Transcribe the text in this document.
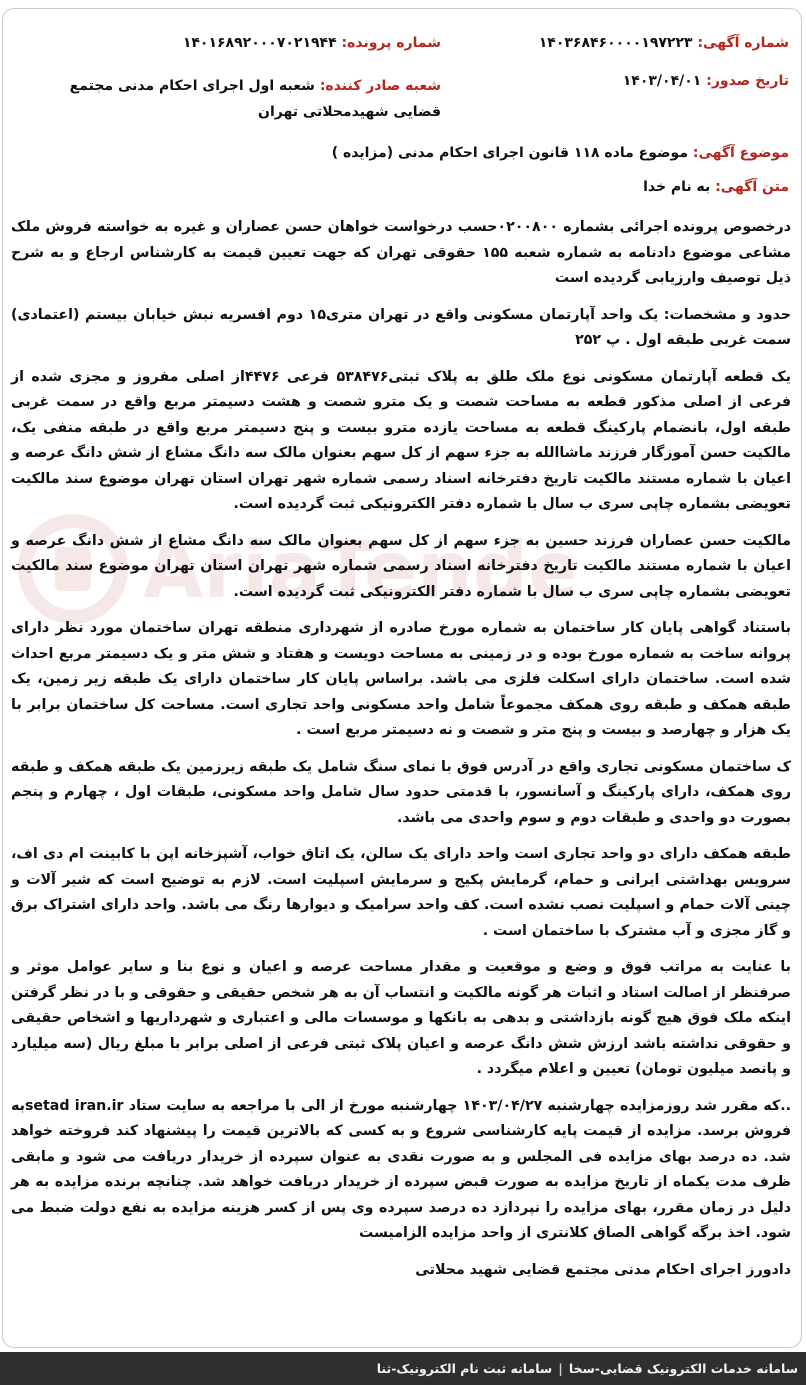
AriaTend
شماره آگهی: ۱۴۰۳۶۸۴۶۰۰۰۰۱۹۷۲۲۳
شماره پرونده: ۱۴۰۱۶۸۹۲۰۰۰۷۰۲۱۹۴۴
تاریخ صدور: ۱۴۰۳/۰۴/۰۱
شعبه صادر کننده: شعبه اول اجرای احکام مدنی مجتمع قضایی شهیدمحلاتی تهران
موضوع آگهی: موضوع ماده ۱۱۸ قانون اجرای احکام مدنی (مزایده )
متن آگهی: به نام خدا

درخصوص پرونده اجرائی بشماره ۰۲۰۰۸۰۰حسب درخواست خواهان حسن عصاران و غیره به خواسته فروش ملک مشاعی موضوع دادنامه به شماره شعبه ۱۵۵ حقوقی تهران که جهت تعیین قیمت به کارشناس ارجاع و به شرح ذیل توصیف وارزیابی گردیده است

حدود و مشخصات: یک واحد آپارتمان مسکونی واقع در تهران متری۱۵ دوم افسریه نبش خیابان بیستم (اعتمادی) سمت غربی طبقه اول . پ ۲۵۲

یک قطعه آپارتمان مسکونی نوع ملک طلق به پلاک ثبتی۵۳۸۴۷۶ فرعی ۴۴۷۶از اصلی مفروز و مجزی شده از فرعی از اصلی مذکور قطعه به مساحت شصت و یک مترو شصت و هشت دسیمتر مربع واقع در سمت غربی طبقه اول، بانضمام پارکینگ قطعه به مساحت یازده مترو بیست و پنج دسیمتر مربع واقع در طبقه منفی یک، مالکیت حسن آموزگار فرزند ماشاالله به جزء سهم از کل سهم بعنوان مالک سه دانگ مشاع از شش دانگ عرصه و اعیان با شماره مستند مالکیت تاریخ دفترخانه اسناد رسمی شماره شهر تهران استان تهران موضوع سند مالکیت تعویضی بشماره چاپی سری ب سال با شماره دفتر الکترونیکی ثبت گردیده است.

مالکیت حسن عصاران فرزند حسین به جزء سهم از کل سهم بعنوان مالک سه دانگ مشاع از شش دانگ عرصه و اعیان با شماره مستند مالکیت تاریخ دفترخانه اسناد رسمی شماره شهر تهران استان تهران موضوع سند مالکیت تعویضی بشماره چاپی سری ب سال با شماره دفتر الکترونیکی ثبت گردیده است.

باستناد گواهی پایان کار ساختمان به شماره مورخ صادره از شهرداری منطقه تهران ساختمان مورد نظر دارای پروانه ساخت به شماره مورخ بوده و در زمینی به مساحت دویست و هفتاد و شش متر و یک دسیمتر مربع احداث شده است. ساختمان دارای اسکلت فلزی می باشد. براساس پایان کار ساختمان دارای یک طبقه زیر زمین، یک طبقه همکف و طبقه روی همکف مجموعاً شامل واحد مسکونی واحد تجاری است. مساحت کل ساختمان برابر با یک هزار و چهارصد و بیست و پنج متر و شصت و نه دسیمتر مربع است .

ک ساختمان مسکونی تجاری واقع در آدرس فوق با نمای سنگ شامل یک طبقه زیرزمین یک طبقه همکف و طبقه روی همکف، دارای پارکینگ و آسانسور، با قدمتی حدود سال شامل واحد مسکونی، طبقات اول ، چهارم و پنجم بصورت دو واحدی و طبقات دوم و سوم واحدی می باشد.

طبقه همکف دارای دو واحد تجاری است واحد دارای یک سالن، یک اتاق خواب، آشپزخانه اپن با کابینت ام دی اف، سرویس بهداشتی ایرانی و حمام، گرمایش پکیج و سرمایش اسپلیت است. لازم به توضیح است که شیر آلات و چینی آلات حمام و اسپلیت نصب نشده است. کف واحد سرامیک و دیوارها رنگ می باشد. واحد دارای اشتراک برق و گاز مجزی و آب مشترک با ساختمان است .

با عنایت به مراتب فوق و وضع و موقعیت و مقدار مساحت عرصه و اعیان و نوع بنا و سایر عوامل موثر و صرفنظر از اصالت استاد و اثبات هر گونه مالکیت و انتساب آن به هر شخص حقیقی و حقوقی و با در نظر گرفتن اینکه ملک فوق هیچ گونه بازداشتی و بدهی به بانکها و موسسات مالی و اعتباری و شهرداریها و اشخاص حقیقی و حقوقی نداشته باشد ارزش شش دانگ عرصه و اعیان پلاک ثبتی فرعی از اصلی برابر با مبلغ ریال (سه میلیارد و پانصد میلیون تومان) تعیین و اعلام میگردد .

..که مقرر شد روزمزایده چهارشنبه ۱۴۰۳/۰۴/۲۷ چهارشنبه مورخ از الی با مراجعه به سایت ستاد setad iran.irبه فروش برسد. مزایده از قیمت پایه کارشناسی شروع و به کسی که بالاترین قیمت را پیشنهاد کند فروخته خواهد شد. ده درصد بهای مزایده فی المجلس و به صورت نقدی به عنوان سپرده از خریدار دریافت می شود و مابقی ظرف مدت یکماه از تاریخ مزایده به صورت قبض سپرده از خریدار دریافت خواهد شد. چنانچه برنده مزایده به هر دلیل در زمان مقرر، بهای مزایده را نپردازد ده درصد سپرده وی پس از کسر هزینه مزایده به نفع دولت ضبط می شود. اخذ برگه گواهی الصاق کلانتری از واحد مزایده الزامیست

دادورز اجرای احکام مدنی مجتمع قضایی شهید محلاتی

سامانه خدمات الکترونیک قضایی-سخا
|
سامانه ثبت نام الکترونیک-ثنا
